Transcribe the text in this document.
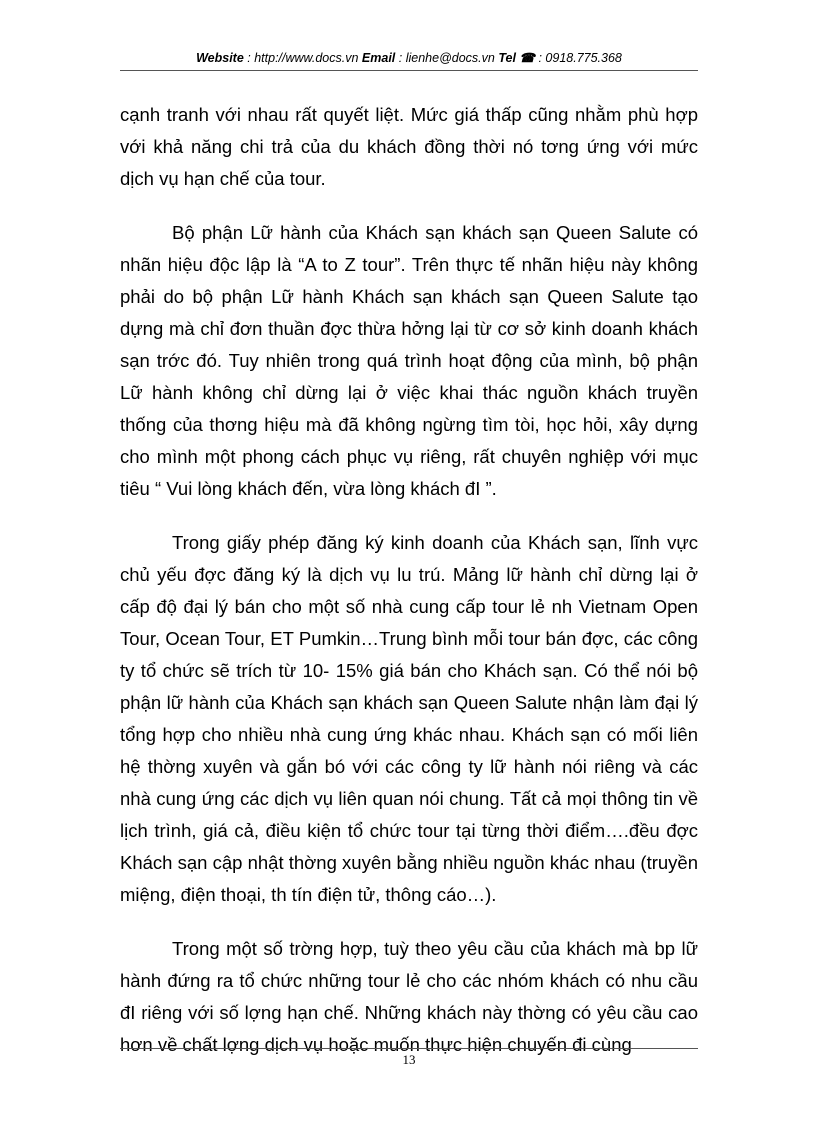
Website : http://www.docs.vn Email : lienhe@docs.vn Tel ☎ : 0918.775.368

cạnh tranh với nhau rất quyết liệt. Mức giá thấp cũng nhằm phù hợp với khả năng chi trả của du khách đồng thời nó tơng ứng với mức dịch vụ hạn chế của tour.

Bộ phận Lữ hành của Khách sạn khách sạn Queen Salute có nhãn hiệu độc lập là “A to Z tour”. Trên thực tế nhãn hiệu này không phải do bộ phận Lữ hành Khách sạn khách sạn Queen Salute tạo dựng mà chỉ đơn thuần đợc thừa hởng lại từ cơ sở kinh doanh khách sạn trớc đó. Tuy nhiên trong quá trình hoạt động của mình, bộ phận Lữ hành không chỉ dừng lại ở việc khai thác nguồn khách truyền thống của thơng hiệu mà đã không ngừng tìm tòi, học hỏi, xây dựng cho mình một phong cách phục vụ riêng, rất chuyên nghiệp với mục tiêu “ Vui lòng khách đến, vừa lòng khách đI ”.

Trong giấy phép đăng ký kinh doanh của Khách sạn, lĩnh vực chủ yếu đợc đăng ký là dịch vụ lu trú. Mảng lữ hành chỉ dừng lại ở cấp độ đại lý bán cho một số nhà cung cấp tour lẻ nh Vietnam Open Tour, Ocean Tour, ET Pumkin…Trung bình mỗi tour bán đợc, các công ty tổ chức sẽ trích từ 10- 15% giá bán cho Khách sạn. Có thể nói bộ phận lữ hành của Khách sạn khách sạn Queen Salute nhận làm đại lý tổng hợp cho nhiều nhà cung ứng khác nhau. Khách sạn có mối liên hệ thờng xuyên và gắn bó với các công ty lữ hành nói riêng và các nhà cung ứng các dịch vụ liên quan nói chung. Tất cả mọi thông tin về lịch trình, giá cả, điều kiện tổ chức tour tại từng thời điểm….đều đợc Khách sạn cập nhật thờng xuyên bằng nhiều nguồn khác nhau (truyền miệng, điện thoại, th tín điện tử, thông cáo…).

Trong một số trờng hợp, tuỳ theo yêu cầu của khách mà bp lữ hành đứng ra tổ chức những tour lẻ cho các nhóm khách có nhu cầu đI riêng với số lợng hạn chế. Những khách này thờng có yêu cầu cao hơn về chất lợng dịch vụ hoặc muốn thực hiện chuyến đi cùng

13
